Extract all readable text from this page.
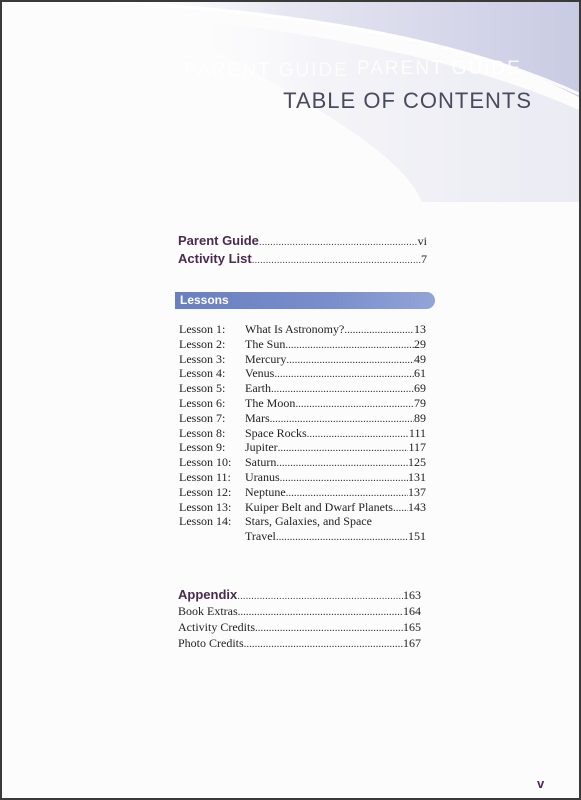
PARENT GUIDE PARENT GUIDE
TABLE OF CONTENTS
Parent Guide .....	vi
Activity List .....	7
Lessons
Lesson 1:	What Is Astronomy? .....	13
Lesson 2:	The Sun .....	29
Lesson 3:	Mercury .....	49
Lesson 4:	Venus .....	61
Lesson 5:	Earth .....	69
Lesson 6:	The Moon .....	79
Lesson 7:	Mars .....	89
Lesson 8:	Space Rocks .....	111
Lesson 9:	Jupiter .....	117
Lesson 10:	Saturn .....	125
Lesson 11:	Uranus .....	131
Lesson 12:	Neptune .....	137
Lesson 13:	Kuiper Belt and Dwarf Planets ..... 143
Lesson 14:	Stars, Galaxies, and Space
Travel .....	151
Appendix .....	163
Book Extras .....	164
Activity Credits .....	165
Photo Credits .....	167
v
